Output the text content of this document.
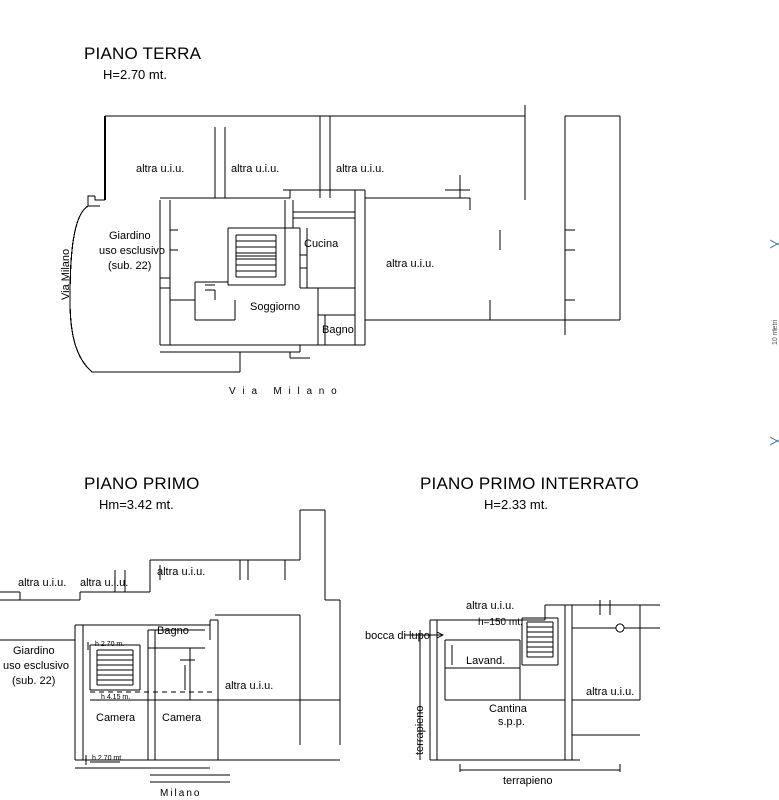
PIANO TERRA
H=2.70 mt.
altra u.i.u.	altra u.i.u.	altra u.i.u.
altra u.i.u.
Giardino
uso esclusivo
(sub. 22)
Cucina
Soggiorno
Bagno
Via Milano
V i a   M i l a n o
PIANO PRIMO
Hm=3.42 mt.
altra u.i.u. altra u.i.u.
altra u.i.u.
altra u.i.u.
Giardino
uso esclusivo
(sub. 22)
Bagno
Camera Camera
h 2.70 m.
h 4.15 m.
h 2.70 mt.
Milano
PIANO PRIMO INTERRATO
H=2.33 mt.
altra u.i.u.
h=150 mt.
bocca di lupo
Lavand.
Cantina
s.p.p.
altra u.i.u.
terrapieno
terrapieno
10 metri
